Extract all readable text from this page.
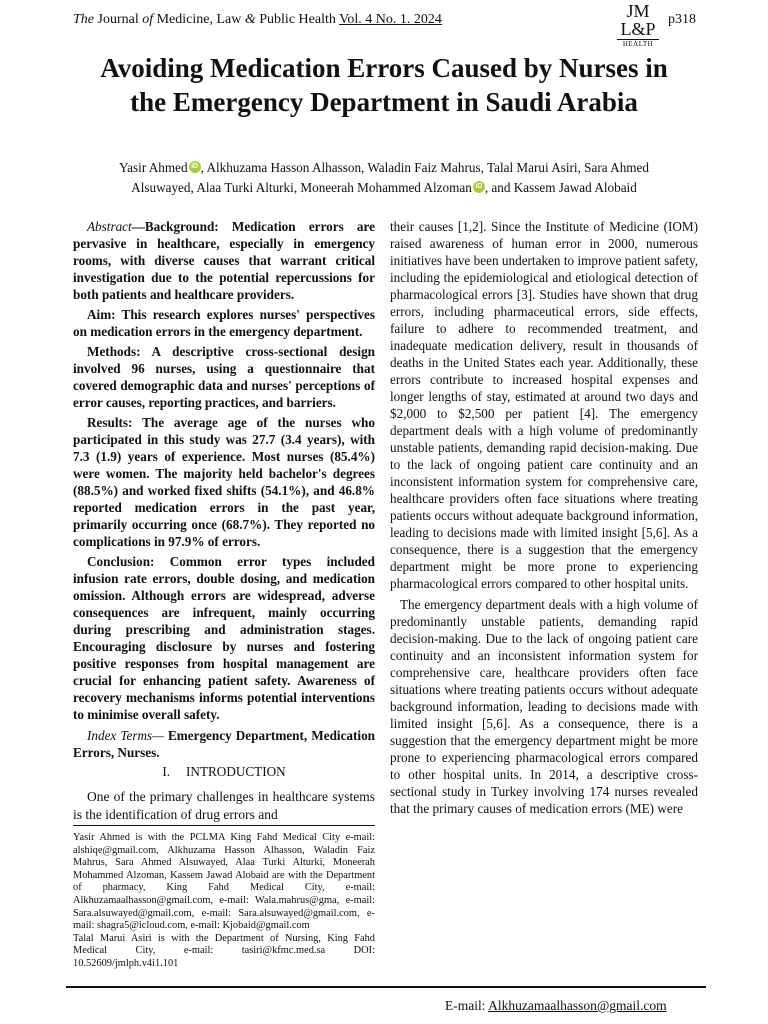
The Journal of Medicine, Law & Public Health Vol. 4 No. 1. 2024	JM
L&P
HEALTH
p318
Avoiding Medication Errors Caused by Nurses in the Emergency Department in Saudi Arabia
Yasir Ahmed iD , Alkhuzama Hasson Alhasson, Waladin Faiz Mahrus, Talal Marui Asiri, Sara Ahmed Alsuwayed, Alaa Turki Alturki, Moneerah Mohammed Alzoman iD , and Kassem Jawad Alobaid

Abstract—Background: Medication errors are pervasive in healthcare, especially in emergency rooms, with diverse causes that warrant critical investigation due to the potential repercussions for both patients and healthcare providers.

Aim: This research explores nurses' perspectives on medication errors in the emergency department.

Methods: A descriptive cross-sectional design involved 96 nurses, using a questionnaire that covered demographic data and nurses' perceptions of error causes, reporting practices, and barriers.

Results: The average age of the nurses who participated in this study was 27.7 (3.4 years), with 7.3 (1.9) years of experience. Most nurses (85.4%) were women. The majority held bachelor's degrees (88.5%) and worked fixed shifts (54.1%), and 46.8% reported medication errors in the past year, primarily occurring once (68.7%). They reported no complications in 97.9% of errors.

Conclusion: Common error types included infusion rate errors, double dosing, and medication omission. Although errors are widespread, adverse consequences are infrequent, mainly occurring during prescribing and administration stages. Encouraging disclosure by nurses and fostering positive responses from hospital management are crucial for enhancing patient safety. Awareness of recovery mechanisms informs potential interventions to minimise overall safety.

Index Terms— Emergency Department, Medication Errors, Nurses.

I. INTRODUCTION

One of the primary challenges in healthcare systems is the identification of drug errors and

Yasir Ahmed is with the PCLMA King Fahd Medical City e-mail: alshiqe@gmail.com, Alkhuzama Hasson Alhasson, Waladin Faiz Mahrus, Sara Ahmed Alsuwayed, Alaa Turki Alturki, Moneerah Mohammed Alzoman, Kassem Jawad Alobaid are with the Department of pharmacy, King Fahd Medical City, e-mail: Alkhuzamaalhasson@gmail.com, e-mail: Wala.mahrus@gma, e-mail: Sara.alsuwayed@gmail.com, e-mail: Sara.alsuwayed@gmail.com, e-mail: shagra5@icloud.com, e-mail: Kjobaid@gmail.com

Talal Marui Asiri is with the Department of Nursing, King Fahd Medical City, e-mail: tasiri@kfmc.med.sa DOI: 10.52609/jmlph.v4i1.101

their causes [1,2]. Since the Institute of Medicine (IOM) raised awareness of human error in 2000, numerous initiatives have been undertaken to improve patient safety, including the epidemiological and etiological detection of pharmacological errors [3]. Studies have shown that drug errors, including pharmaceutical errors, side effects, failure to adhere to recommended treatment, and inadequate medication delivery, result in thousands of deaths in the United States each year. Additionally, these errors contribute to increased hospital expenses and longer lengths of stay, estimated at around two days and $2,000 to $2,500 per patient [4]. The emergency department deals with a high volume of predominantly unstable patients, demanding rapid decision-making. Due to the lack of ongoing patient care continuity and an inconsistent information system for comprehensive care, healthcare providers often face situations where treating patients occurs without adequate background information, leading to decisions made with limited insight [5,6]. As a consequence, there is a suggestion that the emergency department might be more prone to experiencing pharmacological errors compared to other hospital units.

The emergency department deals with a high volume of predominantly unstable patients, demanding rapid decision-making. Due to the lack of ongoing patient care continuity and an inconsistent information system for comprehensive care, healthcare providers often face situations where treating patients occurs without adequate background information, leading to decisions made with limited insight [5,6]. As a consequence, there is a suggestion that the emergency department might be more prone to experiencing pharmacological errors compared to other hospital units. In 2014, a descriptive cross-sectional study in Turkey involving 174 nurses revealed that the primary causes of medication errors (ME) were

E-mail: Alkhuzamaalhasson@gmail.com
